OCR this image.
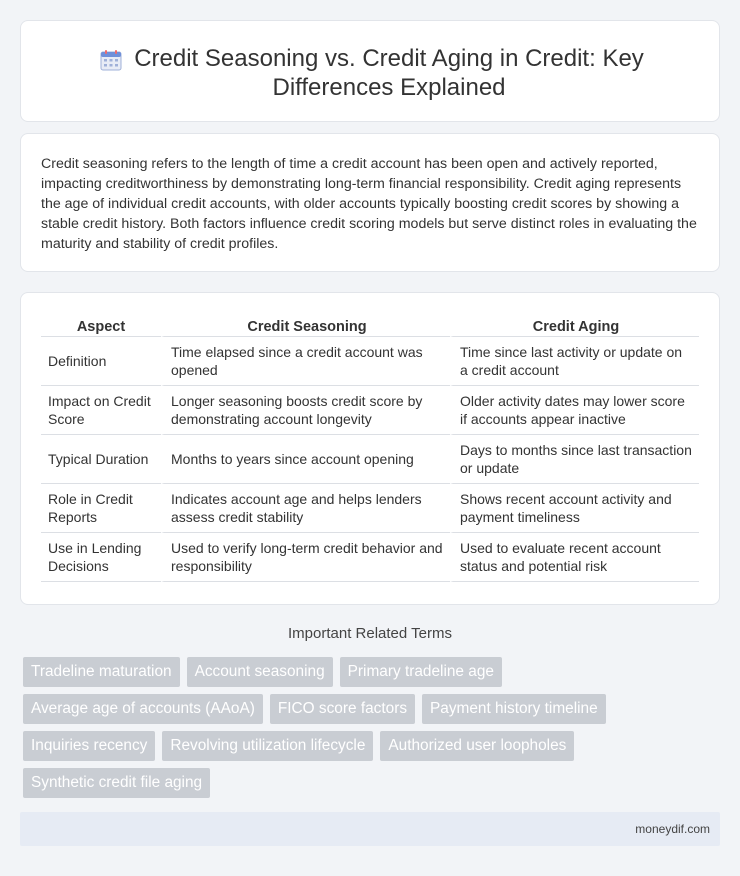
Credit Seasoning vs. Credit Aging in Credit: Key Differences Explained

Credit seasoning refers to the length of time a credit account has been open and actively reported, impacting creditworthiness by demonstrating long-term financial responsibility. Credit aging represents the age of individual credit accounts, with older accounts typically boosting credit scores by showing a stable credit history. Both factors influence credit scoring models but serve distinct roles in evaluating the maturity and stability of credit profiles.

Aspect	Credit Seasoning	Credit Aging
Definition	Time elapsed since a credit account was opened	Time since last activity or update on a credit account
Impact on Credit Score	Longer seasoning boosts credit score by demonstrating account longevity	Older activity dates may lower score if accounts appear inactive
Typical Duration	Months to years since account opening	Days to months since last transaction or update
Role in Credit Reports	Indicates account age and helps lenders assess credit stability	Shows recent account activity and payment timeliness
Use in Lending Decisions	Used to verify long-term credit behavior and responsibility	Used to evaluate recent account status and potential risk
Important Related Terms
Tradeline maturation	Account seasoning	Primary tradeline age
Average age of accounts (AAoA)	FICO score factors	Payment history timeline
Inquiries recency	Revolving utilization lifecycle	Authorized user loopholes
Synthetic credit file aging
moneydif.com
